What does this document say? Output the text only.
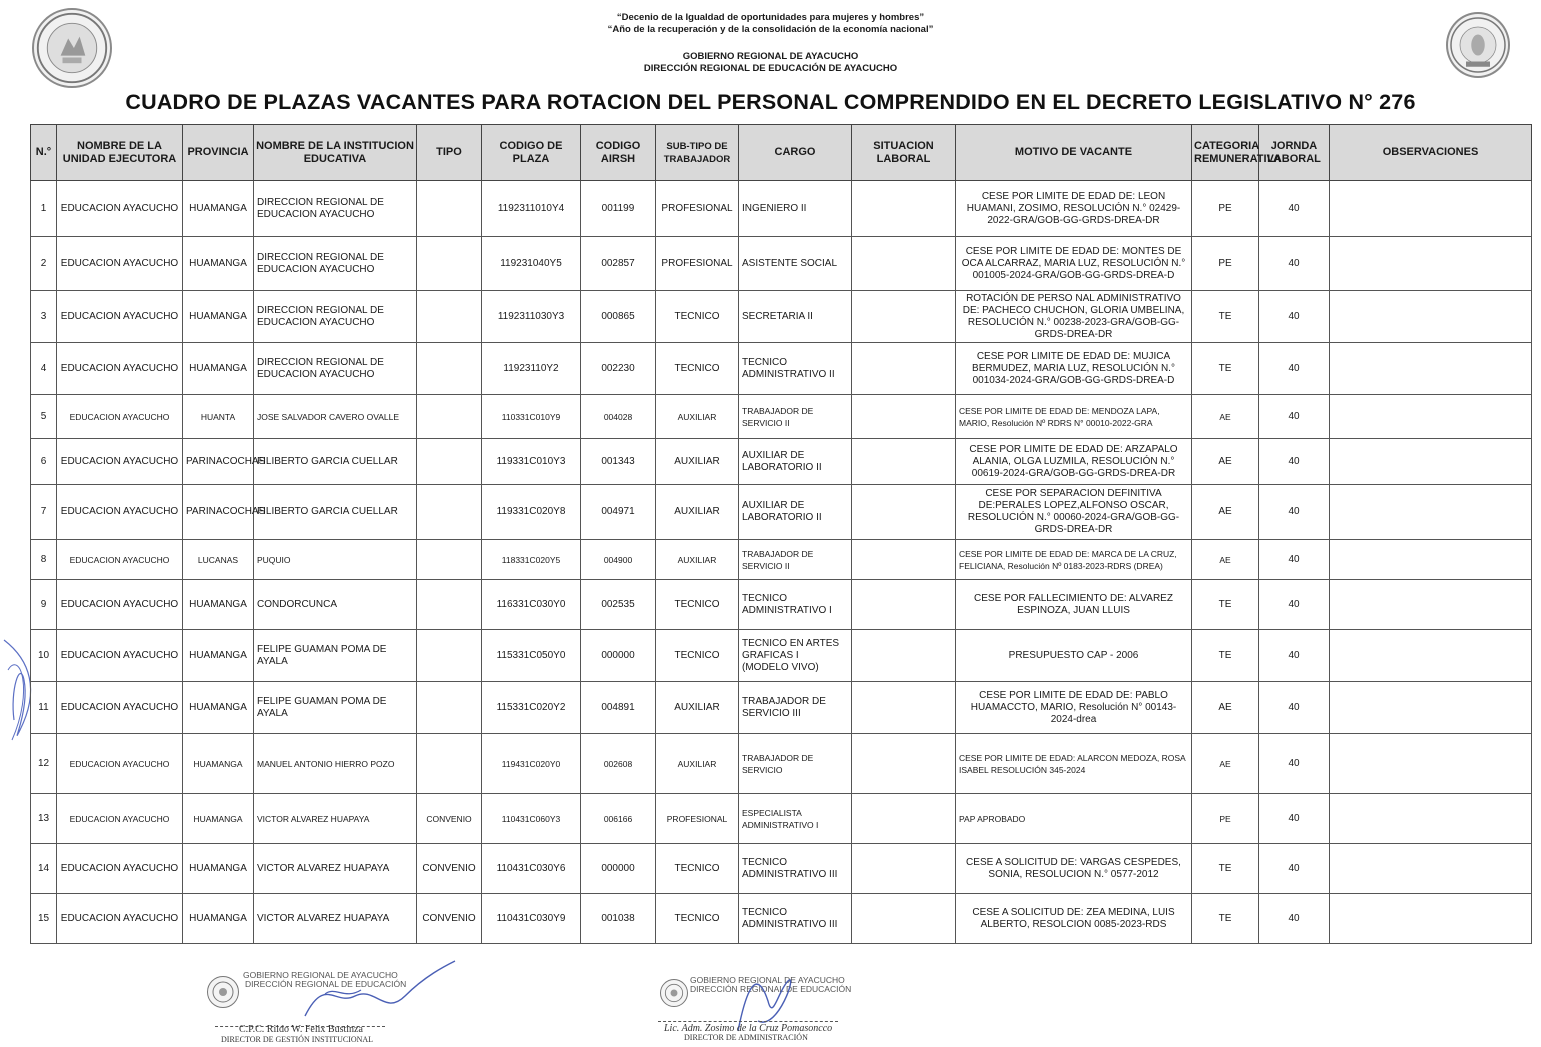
“Decenio de la Igualdad de oportunidades para mujeres y hombres”
“Año de la recuperación y de la consolidación de la economía nacional”
GOBIERNO REGIONAL DE AYACUCHO
DIRECCIÓN REGIONAL DE EDUCACIÓN DE AYACUCHO
CUADRO DE PLAZAS VACANTES PARA ROTACION DEL PERSONAL COMPRENDIDO EN EL DECRETO LEGISLATIVO N° 276
N.°	NOMBRE DE LA UNIDAD EJECUTORA	PROVINCIA	NOMBRE DE LA INSTITUCION EDUCATIVA	TIPO	CODIGO DE PLAZA	CODIGO AIRSH	SUB-TIPO DE TRABAJADOR	CARGO	SITUACION LABORAL	MOTIVO DE VACANTE	CATEGORIA REMUNERATIVA	JORNDA LABORAL	OBSERVACIONES
1	EDUCACION AYACUCHO	HUAMANGA	DIRECCION REGIONAL DE EDUCACION AYACUCHO		1192311010Y4	001199	PROFESIONAL	INGENIERO II		CESE POR LIMITE DE EDAD DE: LEON HUAMANI, ZOSIMO, RESOLUCIÓN N.° 02429-2022-GRA/GOB-GG-GRDS-DREA-DR	PE	40	
2	EDUCACION AYACUCHO	HUAMANGA	DIRECCION REGIONAL DE EDUCACION AYACUCHO		119231040Y5	002857	PROFESIONAL	ASISTENTE SOCIAL		CESE POR LIMITE DE EDAD DE: MONTES DE OCA ALCARRAZ, MARIA LUZ, RESOLUCIÓN N.° 001005-2024-GRA/GOB-GG-GRDS-DREA-D	PE	40	
3	EDUCACION AYACUCHO	HUAMANGA	DIRECCION REGIONAL DE EDUCACION AYACUCHO		1192311030Y3	000865	TECNICO	SECRETARIA II		ROTACIÓN DE PERSO NAL ADMINISTRATIVO DE: PACHECO CHUCHON, GLORIA UMBELINA, RESOLUCIÓN N.° 00238-2023-GRA/GOB-GG-GRDS-DREA-DR	TE	40	
4	EDUCACION AYACUCHO	HUAMANGA	DIRECCION REGIONAL DE EDUCACION AYACUCHO		11923110Y2	002230	TECNICO	TECNICO ADMINISTRATIVO II		CESE POR LIMITE DE EDAD DE: MUJICA BERMUDEZ, MARIA LUZ, RESOLUCIÓN N.° 001034-2024-GRA/GOB-GG-GRDS-DREA-D	TE	40	
5	EDUCACION AYACUCHO	HUANTA	JOSE SALVADOR CAVERO OVALLE		110331C010Y9	004028	AUXILIAR	TRABAJADOR DE SERVICIO II		CESE POR LIMITE DE EDAD DE: MENDOZA LAPA, MARIO, Resolución Nº RDRS N° 00010-2022-GRA	AE	40	
6	EDUCACION AYACUCHO	PARINACOCHAS	FILIBERTO GARCIA CUELLAR		119331C010Y3	001343	AUXILIAR	AUXILIAR DE LABORATORIO II		CESE POR LIMITE DE EDAD DE: ARZAPALO ALANIA, OLGA LUZMILA, RESOLUCIÓN N.° 00619-2024-GRA/GOB-GG-GRDS-DREA-DR	AE	40	
7	EDUCACION AYACUCHO	PARINACOCHAS	FILIBERTO GARCIA CUELLAR		119331C020Y8	004971	AUXILIAR	AUXILIAR DE LABORATORIO II		CESE POR SEPARACION DEFINITIVA DE:PERALES LOPEZ,ALFONSO OSCAR, RESOLUCIÓN N.° 00060-2024-GRA/GOB-GG-GRDS-DREA-DR	AE	40	
8	EDUCACION AYACUCHO	LUCANAS	PUQUIO		118331C020Y5	004900	AUXILIAR	TRABAJADOR DE SERVICIO II		CESE POR LIMITE DE EDAD DE: MARCA DE LA CRUZ, FELICIANA, Resolución Nº 0183-2023-RDRS (DREA)	AE	40	
9	EDUCACION AYACUCHO	HUAMANGA	CONDORCUNCA		116331C030Y0	002535	TECNICO	TECNICO ADMINISTRATIVO I		CESE POR FALLECIMIENTO DE: ALVAREZ ESPINOZA, JUAN LLUIS	TE	40	
10	EDUCACION AYACUCHO	HUAMANGA	FELIPE GUAMAN POMA DE AYALA		115331C050Y0	000000	TECNICO	TECNICO EN ARTES GRAFICAS I (MODELO VIVO)		PRESUPUESTO CAP - 2006	TE	40	
11	EDUCACION AYACUCHO	HUAMANGA	FELIPE GUAMAN POMA DE AYALA		115331C020Y2	004891	AUXILIAR	TRABAJADOR DE SERVICIO III		CESE POR LIMITE DE EDAD DE: PABLO HUAMACCTO, MARIO, Resolución N° 00143-2024-drea	AE	40	
12	EDUCACION AYACUCHO	HUAMANGA	MANUEL ANTONIO HIERRO POZO		119431C020Y0	002608	AUXILIAR	TRABAJADOR DE SERVICIO		CESE POR LIMITE DE EDAD: ALARCON MEDOZA, ROSA ISABEL RESOLUCIÓN 345-2024	AE	40	
13	EDUCACION AYACUCHO	HUAMANGA	VICTOR ALVAREZ HUAPAYA	CONVENIO	110431C060Y3	006166	PROFESIONAL	ESPECIALISTA ADMINISTRATIVO I		PAP APROBADO	PE	40	
14	EDUCACION AYACUCHO	HUAMANGA	VICTOR ALVAREZ HUAPAYA	CONVENIO	110431C030Y6	000000	TECNICO	TECNICO ADMINISTRATIVO III		CESE A SOLICITUD DE: VARGAS CESPEDES, SONIA, RESOLUCION N.° 0577-2012	TE	40	
15	EDUCACION AYACUCHO	HUAMANGA	VICTOR ALVAREZ HUAPAYA	CONVENIO	110431C030Y9	001038	TECNICO	TECNICO ADMINISTRATIVO III		CESE A SOLICITUD DE: ZEA MEDINA, LUIS ALBERTO, RESOLCION 0085-2023-RDS	TE	40	
GOBIERNO REGIONAL DE AYACUCHO
DIRECCIÓN REGIONAL DE EDUCACIÓN
C.P.C. Rildo W. Felix Bustinza
DIRECTOR DE GESTIÓN INSTITUCIONAL
GOBIERNO REGIONAL DE AYACUCHO
DIRECCIÓN REGIONAL DE EDUCACIÓN
Lic. Adm. Zosimo de la Cruz Pomasoncco
DIRECTOR DE ADMINISTRACIÓN
